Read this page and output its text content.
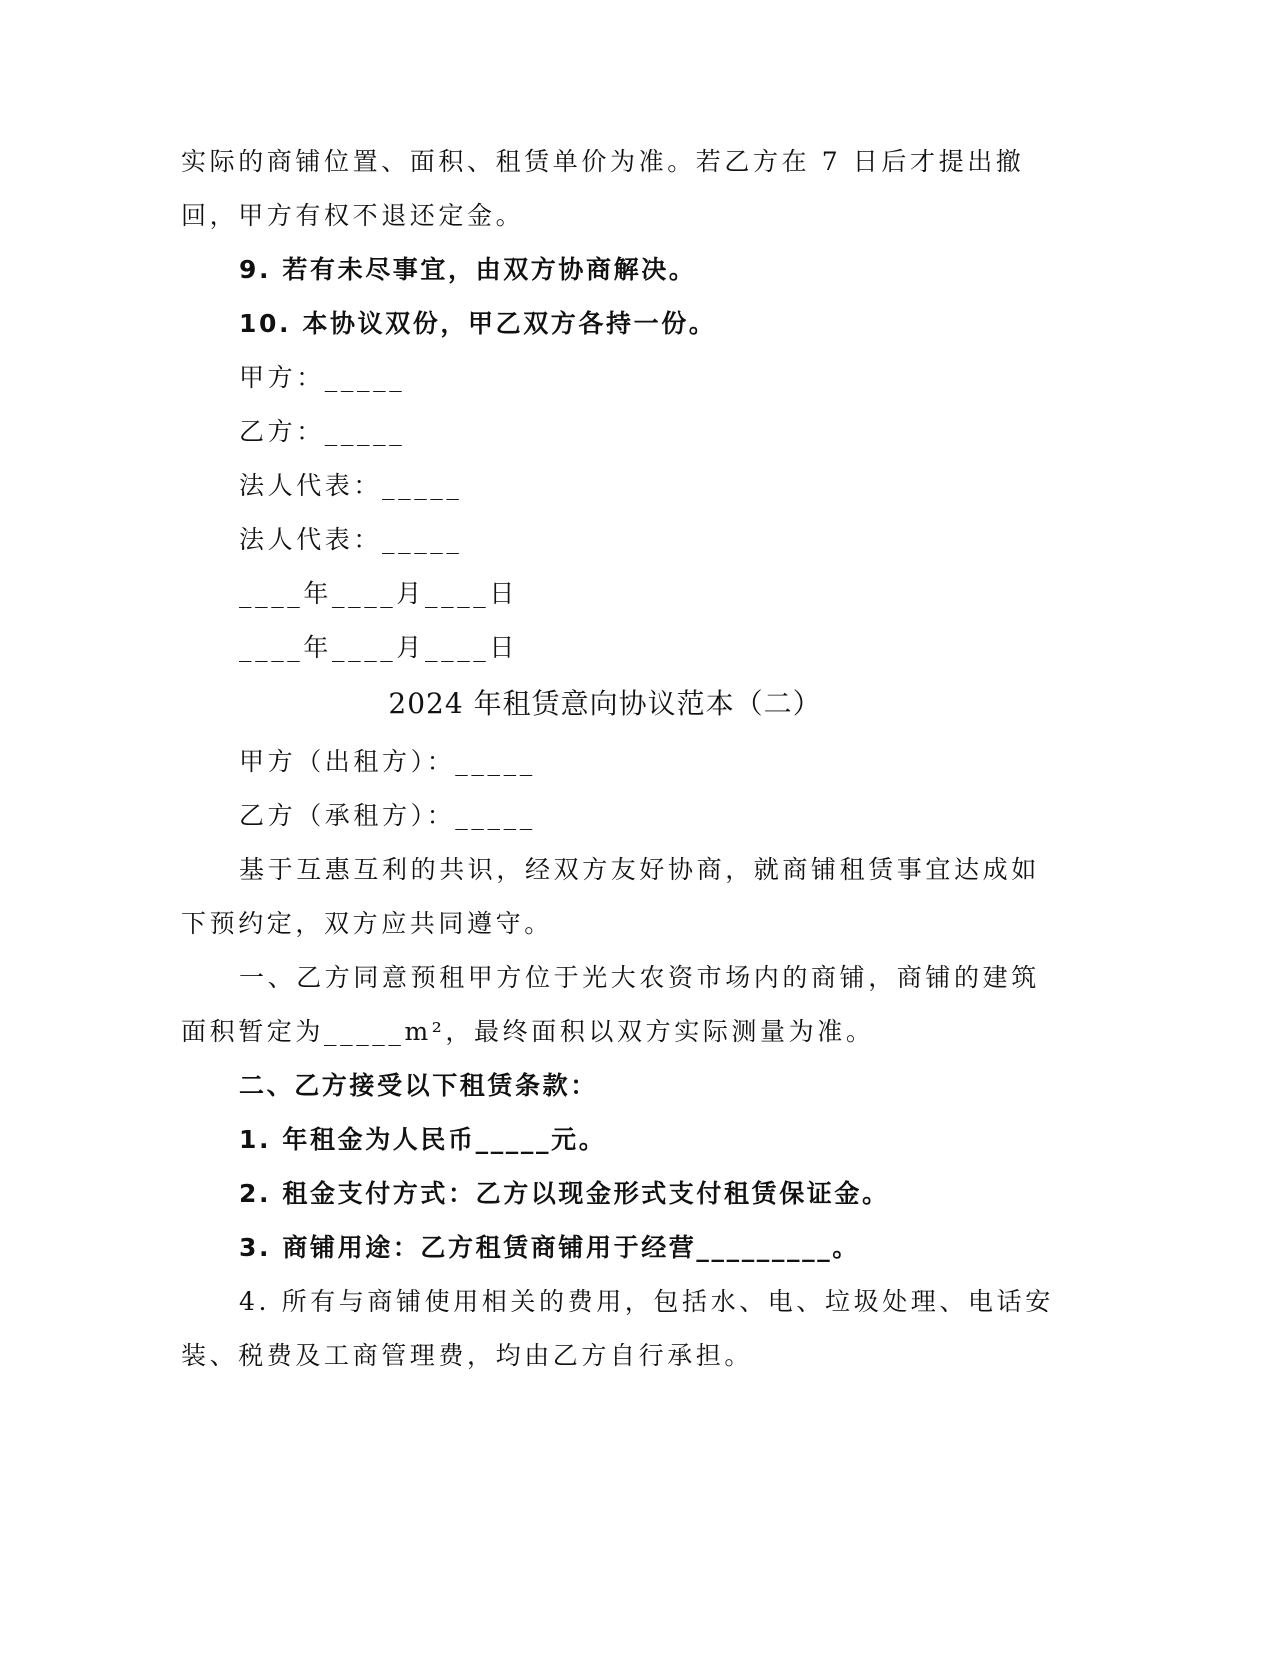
实际的商铺位置、面积、租赁单价为准。若乙方在 7 日后才提出撤
回，甲方有权不退还定金。
9. 若有未尽事宜，由双方协商解决。
10. 本协议双份，甲乙双方各持一份。
甲方：_____
乙方：_____
法人代表：_____
法人代表：_____
____年____月____日
____年____月____日
2024 年租赁意向协议范本（二）
甲方（出租方）：_____
乙方（承租方）：_____
基于互惠互利的共识，经双方友好协商，就商铺租赁事宜达成如
下预约定，双方应共同遵守。
一、乙方同意预租甲方位于光大农资市场内的商铺，商铺的建筑
面积暂定为_____m²，最终面积以双方实际测量为准。
二、乙方接受以下租赁条款：
1. 年租金为人民币_____元。
2. 租金支付方式：乙方以现金形式支付租赁保证金。
3. 商铺用途：乙方租赁商铺用于经营_________。
4. 所有与商铺使用相关的费用，包括水、电、垃圾处理、电话安
装、税费及工商管理费，均由乙方自行承担。
